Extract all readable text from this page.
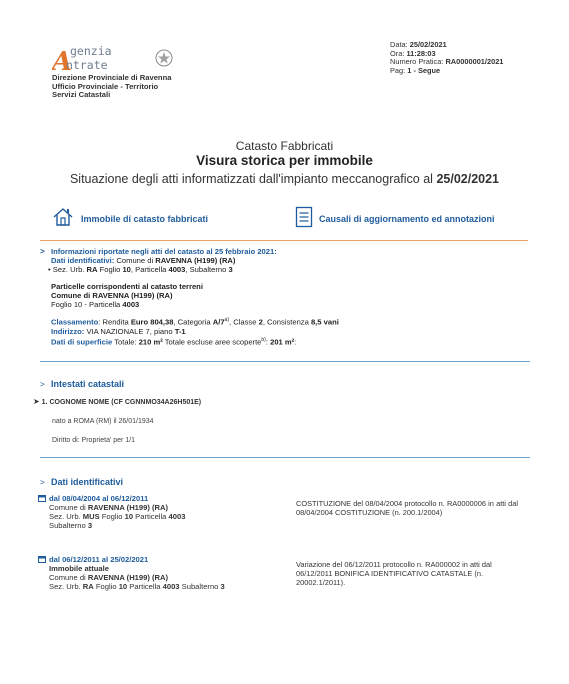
A
genzia
ntrate
Direzione Provinciale di Ravenna
Ufficio Provinciale - Territorio
Servizi Catastali
Data: 25/02/2021
Ora: 11:28:03
Numero Pratica: RA0000001/2021
Pag: 1 - Segue
Catasto Fabbricati
Visura storica per immobile
Situazione degli atti informatizzati dall'impianto meccanografico al 25/02/2021
Immobile di catasto fabbricati	Causali di aggiornamento ed annotazioni
> Informazioni riportate negli atti del catasto al 25 febbraio 2021:
Dati identificativi: Comune di RAVENNA (H199) (RA)
• Sez. Urb. RA Foglio 10, Particella 4003, Subalterno 3
Particelle corrispondenti al catasto terreni
Comune di RAVENNA (H199) (RA)
Foglio 10 - Particella 4003
Classamento: Rendita Euro 804,38, Categoria A/7$^{a)}$, Classe 2, Consistenza 8,5 vani
Indirizzo: VIA NAZIONALE 7, piano T-1
Dati di superficie Totale: 210 m² Totale escluse aree scoperte$^{b)}$: 201 m²:
> Intestati catastali
➤ 1. COGNOME NOME (CF CGNNMO34A26H501E)
nato a ROMA (RM) il 26/01/1934
Diritto di: Proprieta' per 1/1
> Dati identificativi
dal 08/04/2004 al 06/12/2011
Comune di RAVENNA (H199) (RA)
Sez. Urb. MUS Foglio 10 Particella 4003
Subalterno 3
COSTITUZIONE del 08/04/2004 protocollo n. RA0000006 in atti dal 08/04/2004 COSTITUZIONE (n. 200.1/2004)
dal 06/12/2011 al 25/02/2021
Immobile attuale
Comune di RAVENNA (H199) (RA)
Sez. Urb. RA Foglio 10 Particella 4003 Subalterno 3
Variazione del 06/12/2011 protocollo n. RA000002 in atti dal 06/12/2011 BONIFICA IDENTIFICATIVO CATASTALE (n. 20002.1/2011).
